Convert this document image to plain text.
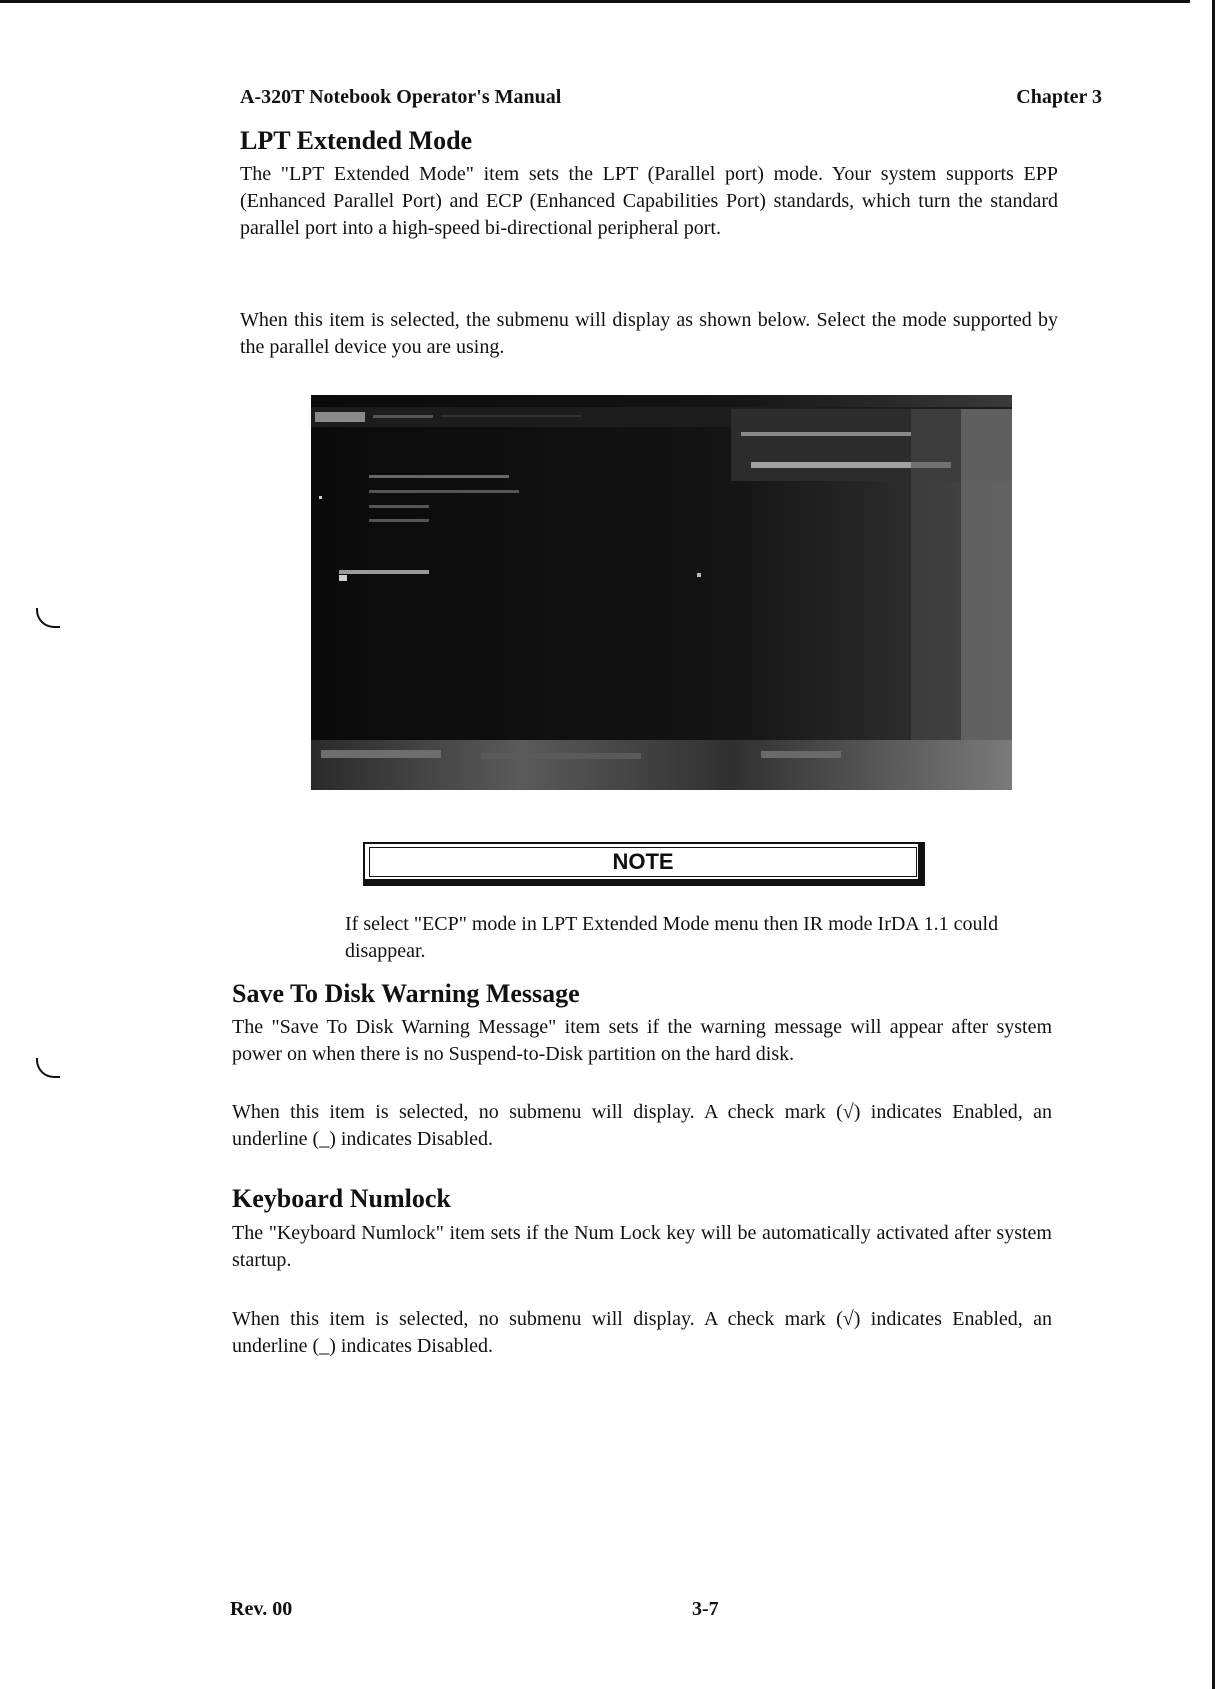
A-320T Notebook Operator's Manual	Chapter 3
LPT Extended Mode

The "LPT Extended Mode" item sets the LPT (Parallel port) mode. Your system supports EPP (Enhanced Parallel Port) and ECP (Enhanced Capabilities Port) standards, which turn the standard parallel port into a high-speed bi-directional peripheral port.

When this item is selected, the submenu will display as shown below. Select the mode supported by the parallel device you are using.

NOTE

If select "ECP" mode in LPT Extended Mode menu then IR mode IrDA 1.1 could disappear.

Save To Disk Warning Message

The "Save To Disk Warning Message" item sets if the warning message will appear after system power on when there is no Suspend-to-Disk partition on the hard disk.

When this item is selected, no submenu will display. A check mark (√) indicates Enabled, an underline (_) indicates Disabled.

Keyboard Numlock

The "Keyboard Numlock" item sets if the Num Lock key will be automatically activated after system startup.

When this item is selected, no submenu will display. A check mark (√) indicates Enabled, an underline (_) indicates Disabled.

Rev. 00	3-7
